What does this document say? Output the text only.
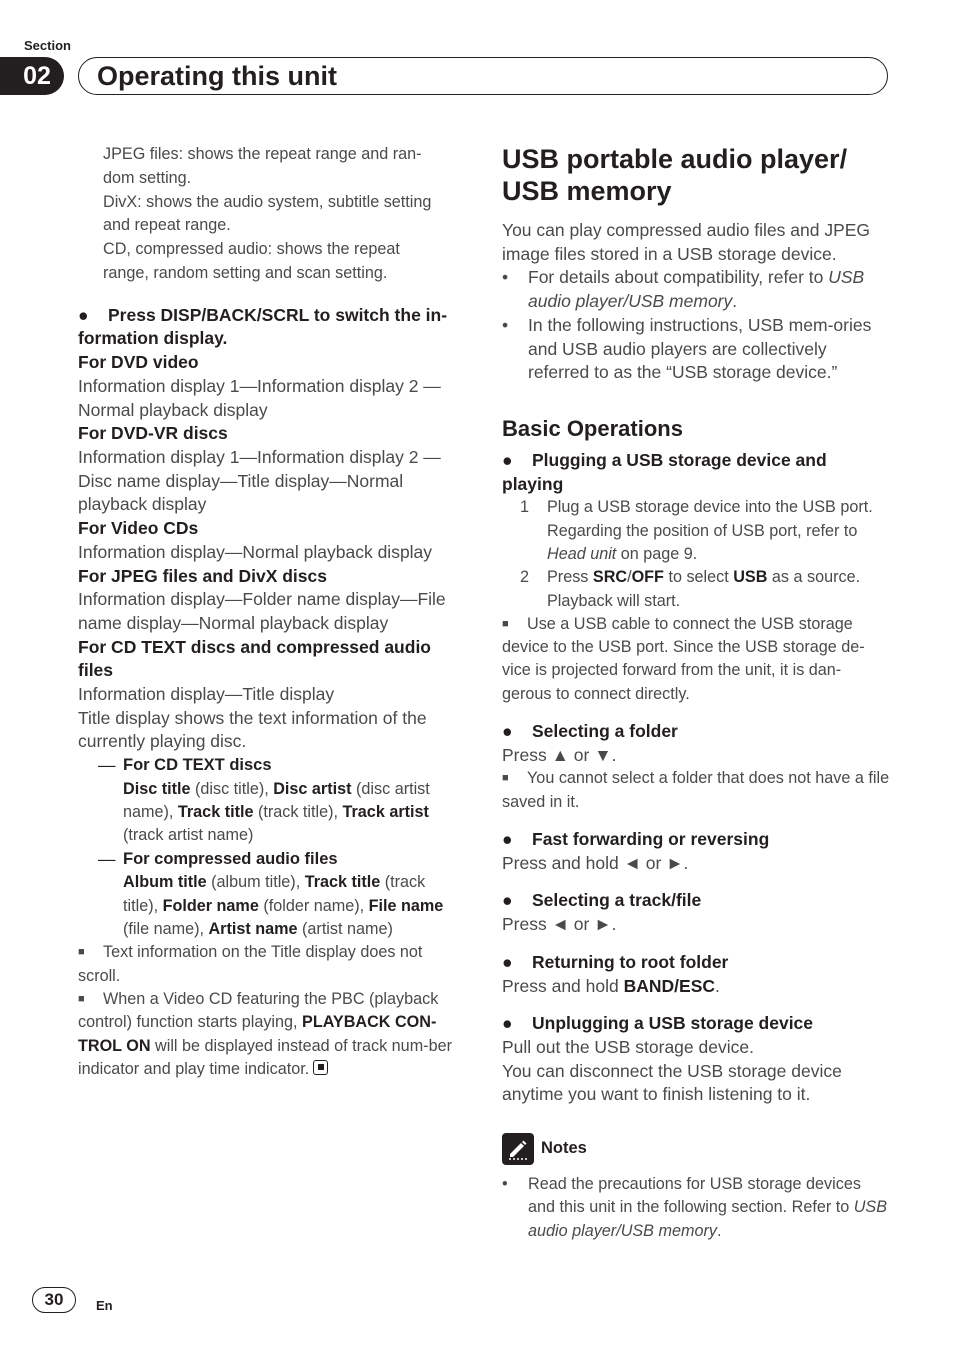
Section
02	Operating this unit
JPEG files: shows the repeat range and ran-
dom setting.
DivX: shows the audio system, subtitle setting
and repeat range.
CD, compressed audio: shows the repeat
range, random setting and scan setting.
● Press DISP/BACK/SCRL to switch the in-formation display.

For DVD video

Information display 1—Information display 2 —Normal playback display

For DVD-VR discs

Information display 1—Information display 2 —Disc name display—Title display—Normal playback display

For Video CDs

Information display—Normal playback display

For JPEG files and DivX discs

Information display—Folder name display—File name display—Normal playback display

For CD TEXT discs and compressed audio files

Information display—Title display

Title display shows the text information of the currently playing disc.

— For CD TEXT discs
Disc title (disc title), Disc artist (disc artist name), Track title (track title), Track artist (track artist name)
— For compressed audio files
Album title (album title), Track title (track title), Folder name (folder name), File name (file name), Artist name (artist name)
■ Text information on the Title display does not scroll.
■ When a Video CD featuring the PBC (playback control) function starts playing, PLAYBACK CON-TROL ON will be displayed instead of track num-ber indicator and play time indicator.
USB portable audio player/ USB memory

You can play compressed audio files and JPEG image files stored in a USB storage device.

•	For details about compatibility, refer to USB audio player/USB memory.
•	In the following instructions, USB mem-ories and USB audio players are collectively referred to as the “USB storage device.”
Basic Operations
● Plugging a USB storage device and playing
1	Plug a USB storage device into the USB port.
Regarding the position of USB port, refer to Head unit on page 9.
2	Press SRC/OFF to select USB as a source.
Playback will start.
■ Use a USB cable to connect the USB storage device to the USB port. Since the USB storage de-vice is projected forward from the unit, it is dan-gerous to connect directly.
● Selecting a folder

Press ▲ or ▼.

■ You cannot select a folder that does not have a file saved in it.
● Fast forwarding or reversing

Press and hold ◄ or ►.

● Selecting a track/file

Press ◄ or ►.

● Returning to root folder

Press and hold BAND/ESC.

● Unplugging a USB storage device

Pull out the USB storage device.

You can disconnect the USB storage device anytime you want to finish listening to it.

Notes
•	Read the precautions for USB storage devices and this unit in the following section. Refer to USB audio player/USB memory.
30	En
